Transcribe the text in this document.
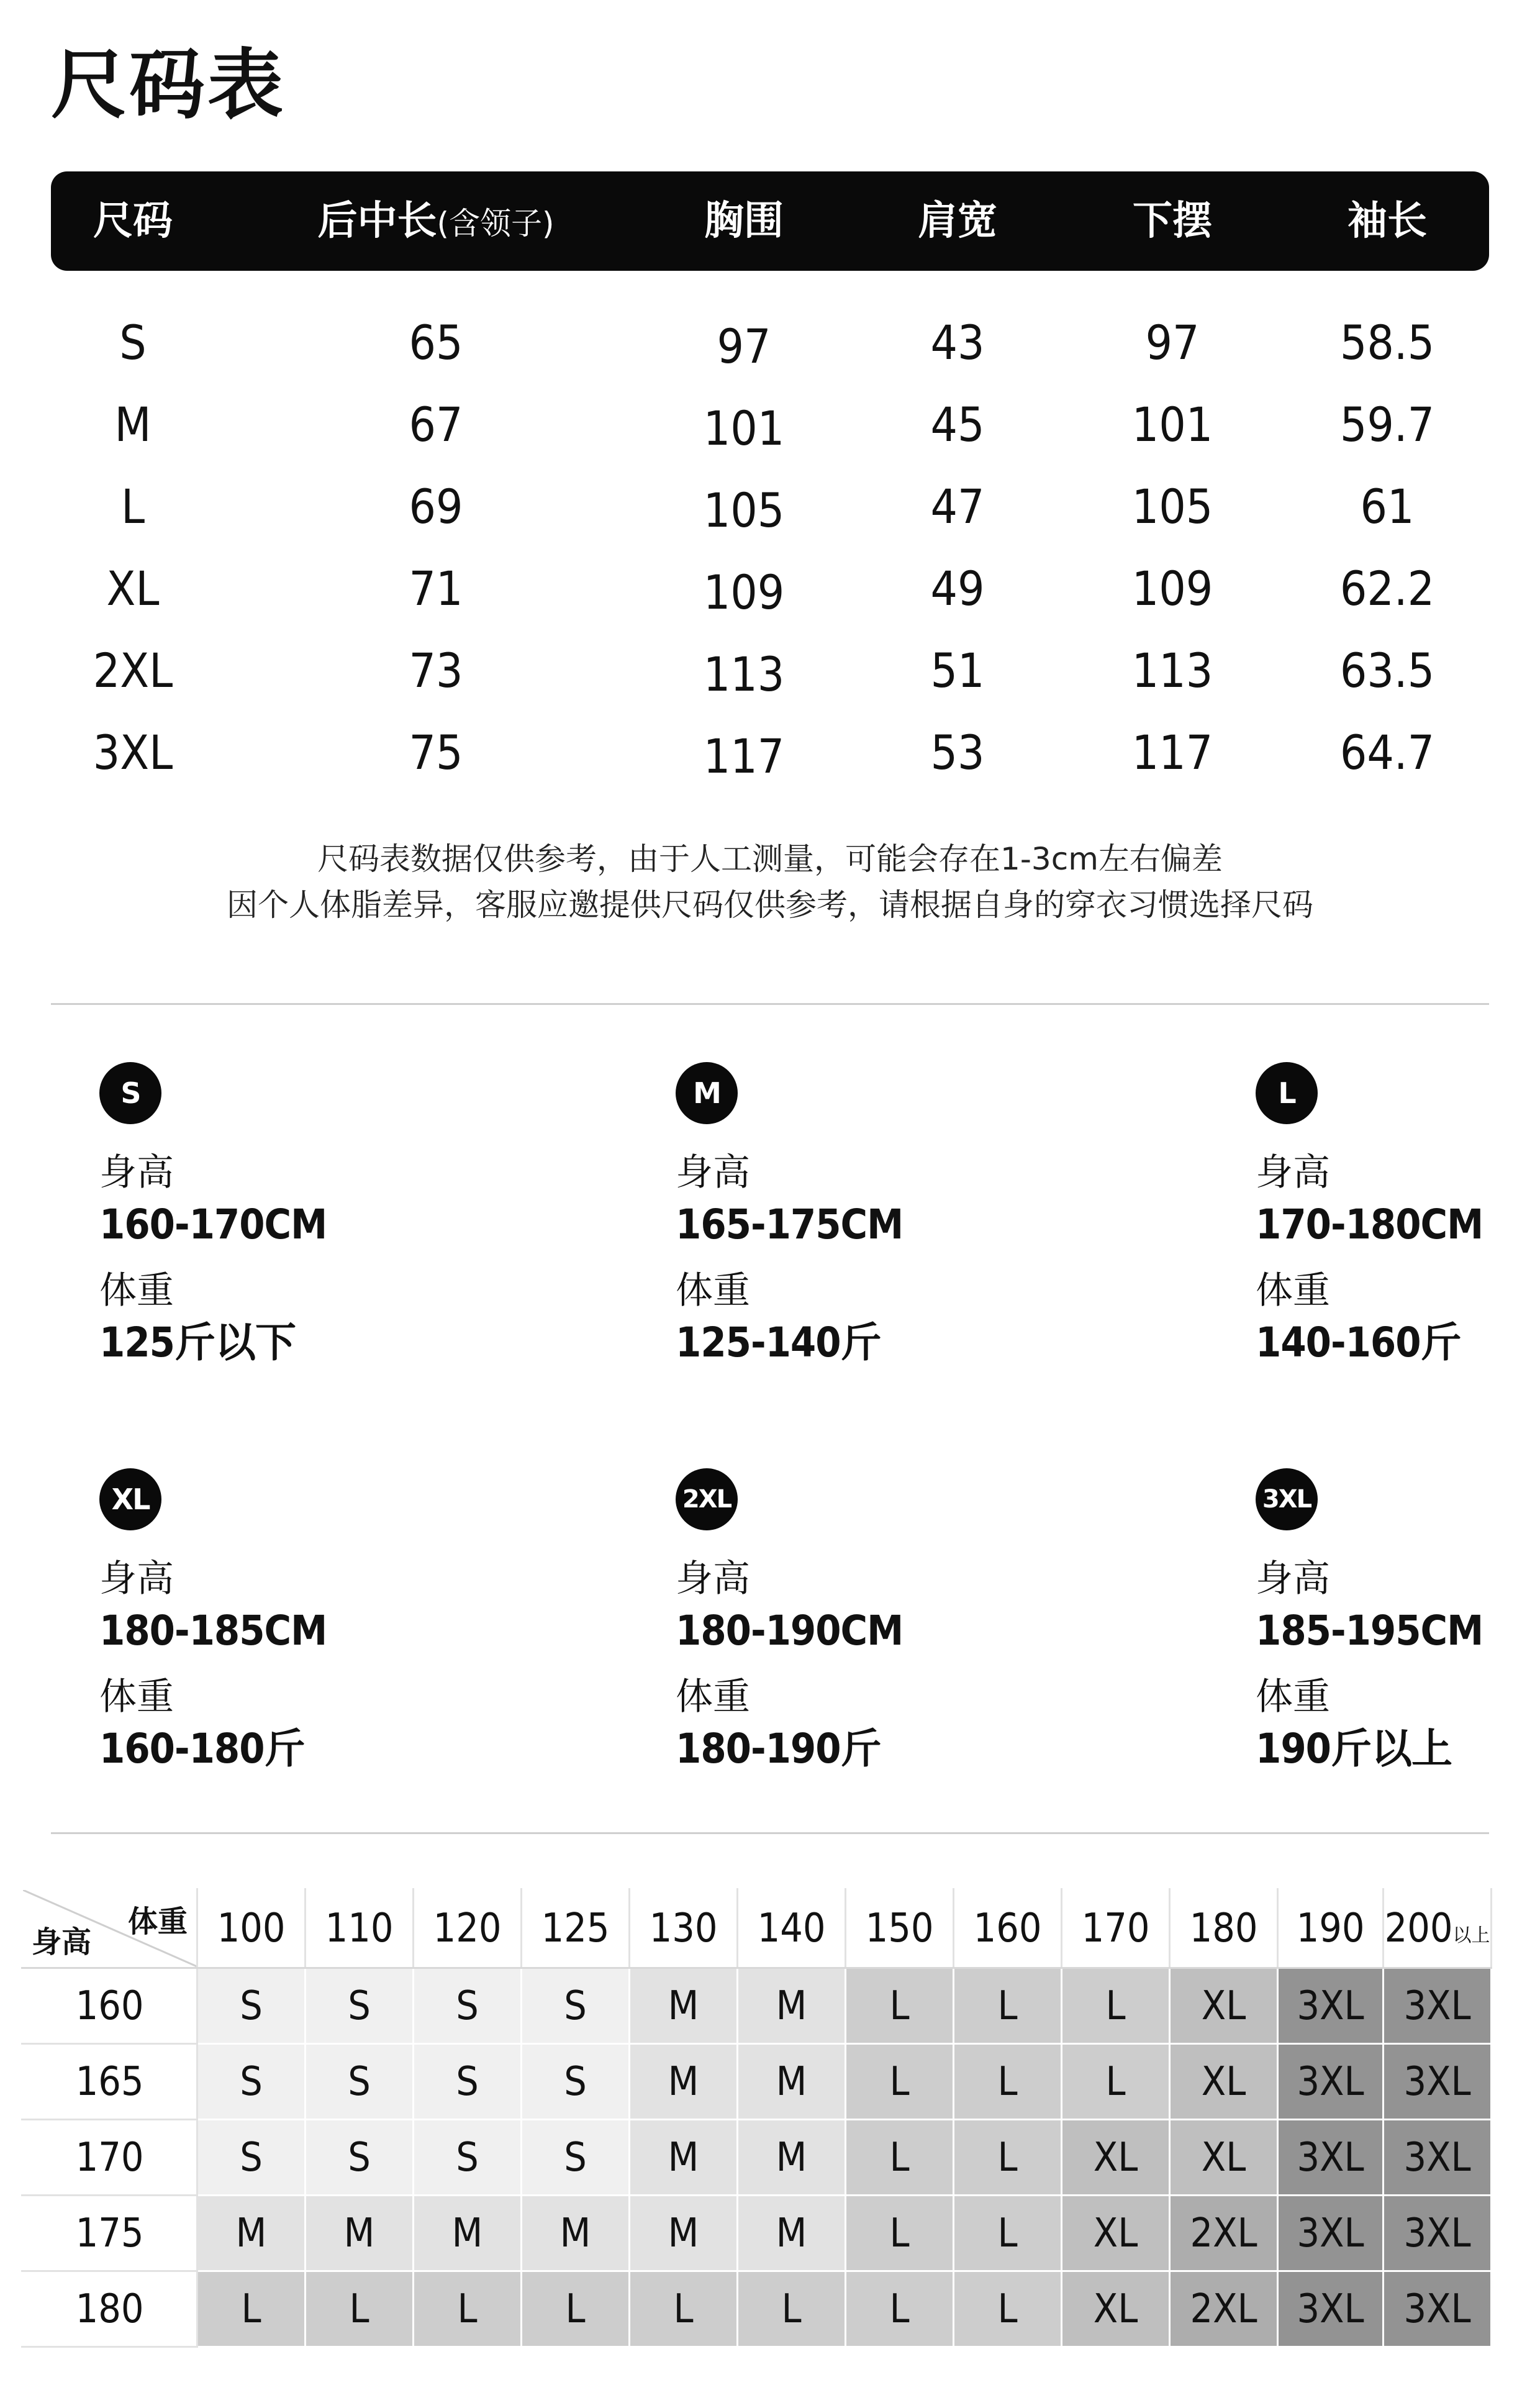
尺码表
尺码	后中长(含领子)	胸围	肩宽	下摆	袖长
S	65	97	43	97	58.5
M	67	101	45	101	59.7
L	69	105	47	105	61
XL	71	109	49	109	62.2
2XL	73	113	51	113	63.5
3XL	75	117	53	117	64.7
尺码表数据仅供参考，由于人工测量，可能会存在1-3cm左右偏差
因个人体脂差异，客服应邀提供尺码仅供参考，请根据自身的穿衣习惯选择尺码
S
身高
160-170CM
体重
125斤以下
M
身高
165-175CM
体重
125-140斤
L
身高
170-180CM
体重
140-160斤
XL
身高
180-185CM
体重
160-180斤
2XL
身高
180-190CM
体重
180-190斤
3XL
身高
185-195CM
体重
190斤以上
体重
身高	100	110	120	125	130	140	150	160	170	180	190	200以上
160	S	S	S	S	M	M	L	L	L	XL	3XL	3XL
165	S	S	S	S	M	M	L	L	L	XL	3XL	3XL
170	S	S	S	S	M	M	L	L	XL	XL	3XL	3XL
175	M	M	M	M	M	M	L	L	XL	2XL	3XL	3XL
180	L	L	L	L	L	L	L	L	XL	2XL	3XL	3XL
